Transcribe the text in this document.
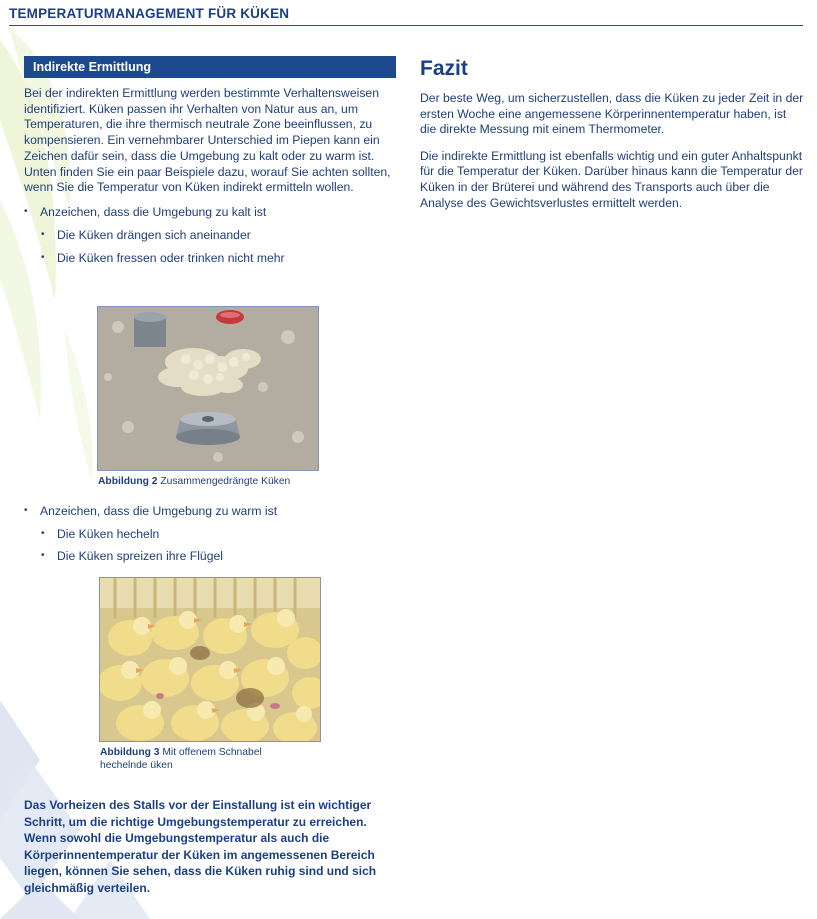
TEMPERATURMANAGEMENT FÜR KÜKEN
Indirekte Ermittlung

Bei der indirekten Ermittlung werden bestimmte Verhaltensweisen identifiziert. Küken passen ihr Verhalten von Natur aus an, um Temperaturen, die ihre thermisch neutrale Zone beeinflussen, zu kompensieren. Ein vernehmbarer Unterschied im Piepen kann ein Zeichen dafür sein, dass die Umgebung zu kalt oder zu warm ist. Unten finden Sie ein paar Beispiele dazu, worauf Sie achten sollten, wenn Sie die Temperatur von Küken indirekt ermitteln wollen.

• Anzeichen, dass die Umgebung zu kalt ist
• Die Küken drängen sich aneinander
• Die Küken fressen oder trinken nicht mehr
Abbildung 2 Zusammengedrängte Küken
• Anzeichen, dass die Umgebung zu warm ist
• Die Küken hecheln
• Die Küken spreizen ihre Flügel
Abbildung 3 Mit offenem Schnabel
hechelnde üken

Das Vorheizen des Stalls vor der Einstallung ist ein wichtiger Schritt, um die richtige Umgebungstemperatur zu erreichen. Wenn sowohl die Umgebungstemperatur als auch die Körperinnentemperatur der Küken im angemessenen Bereich liegen, können Sie sehen, dass die Küken ruhig sind und sich gleichmäßig verteilen.

Fazit

Der beste Weg, um sicherzustellen, dass die Küken zu jeder Zeit in der ersten Woche eine angemessene Körperinnentemperatur haben, ist die direkte Messung mit einem Thermometer.

Die indirekte Ermittlung ist ebenfalls wichtig und ein guter Anhaltspunkt für die Temperatur der Küken. Darüber hinaus kann die Temperatur der Küken in der Brüterei und während des Transports auch über die Analyse des Gewichtsverlustes ermittelt werden.
